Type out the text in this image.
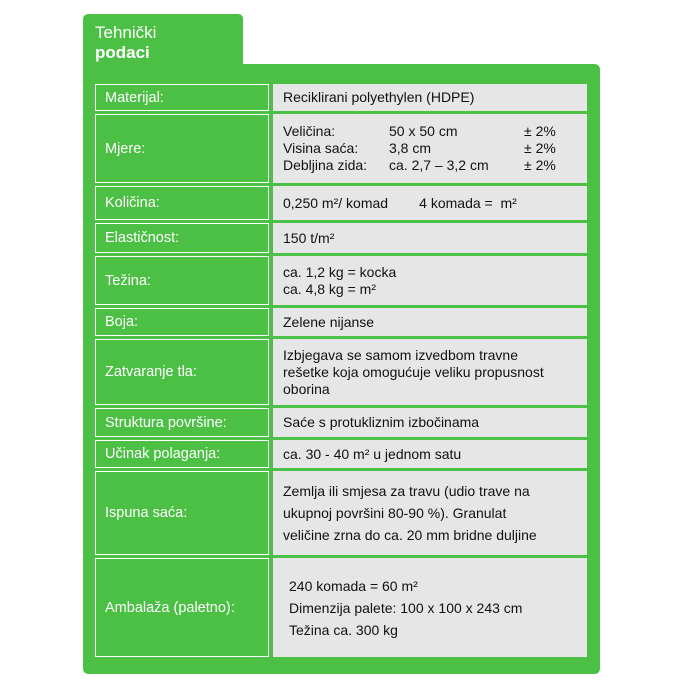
Tehnički
podaci
Materijal:	Reciklirani polyethylen (HDPE)
Mjere:
Veličina:	50 x 50 cm	± 2%
Visina saća:	3,8 cm	± 2%
Debljina zida:	ca. 2,7 – 3,2 cm	± 2%
Količina:	0,250 m²/ komad        4 komada =  m²
Elastičnost:	150 t/m²
Težina:
ca. 1,2 kg = kocka
ca. 4,8 kg = m²
Boja:	Zelene nijanse
Zatvaranje tla:
Izbjegava se samom izvedbom travne
rešetke koja omogućuje veliku propusnost
oborina
Struktura površine:	Saće s protukliznim izbočinama
Učinak polaganja:	ca. 30 - 40 m² u jednom satu
Ispuna saća:
Zemlja ili smjesa za travu (udio trave na
ukupnoj površini 80-90 %). Granulat
veličine zrna do ca. 20 mm bridne duljine
Ambalaža (paletno):
240 komada = 60 m²
Dimenzija palete: 100 x 100 x 243 cm
Težina ca. 300 kg
